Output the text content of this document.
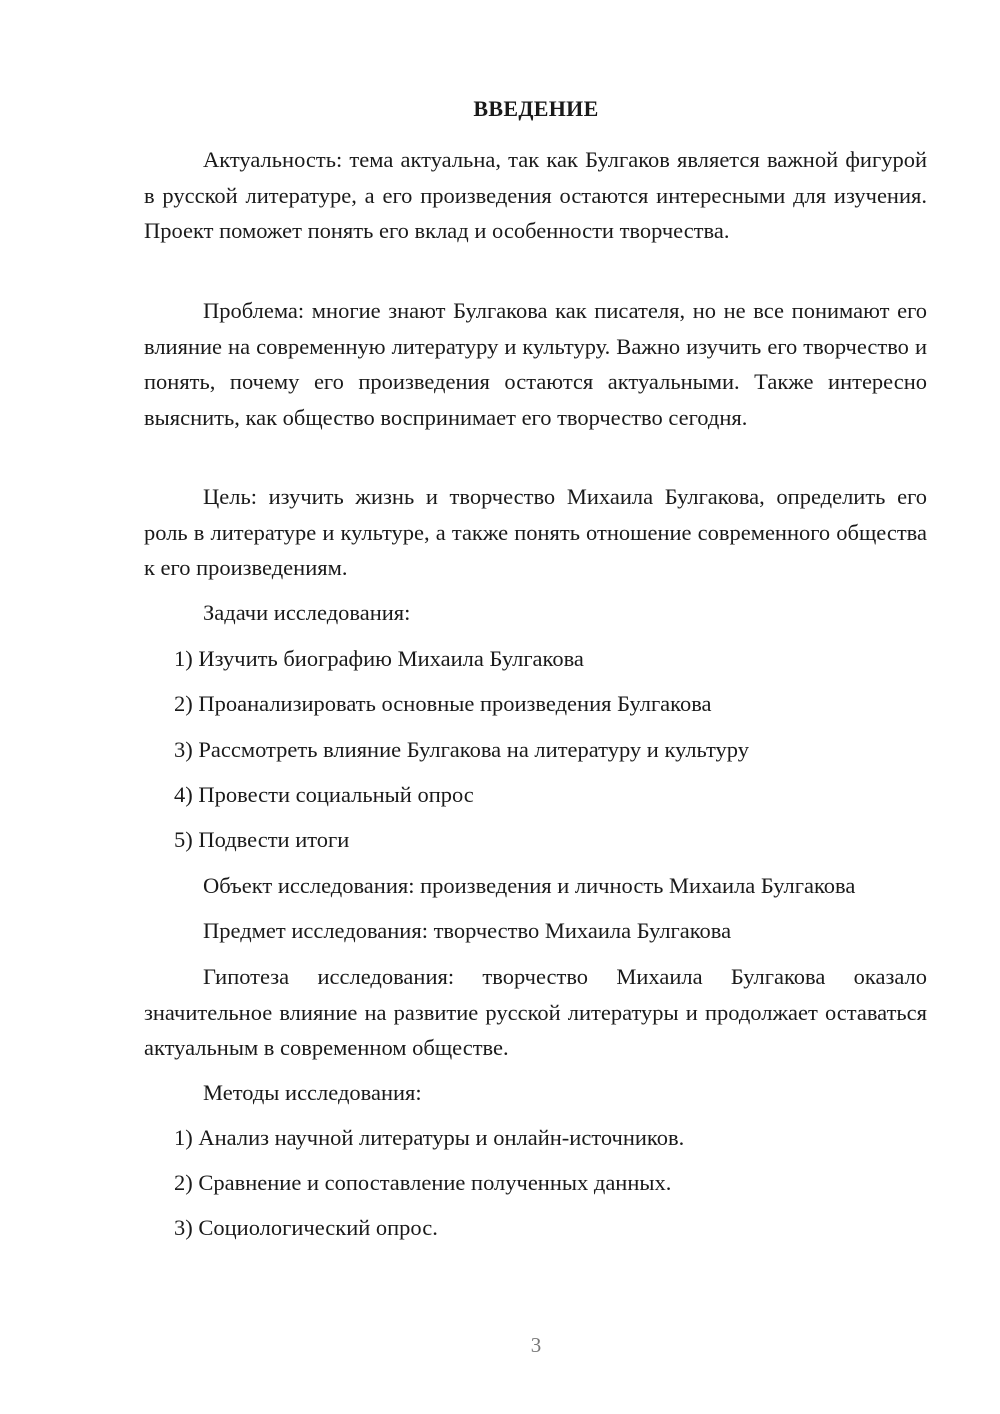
ВВЕДЕНИЕ

Актуальность: тема актуальна, так как Булгаков является важной фигурой в русской литературе, а его произведения остаются интересными для изучения. Проект поможет понять его вклад и особенности творчества.

Проблема: многие знают Булгакова как писателя, но не все понимают его влияние на современную литературу и культуру. Важно изучить его творчество и понять, почему его произведения остаются актуальными. Также интересно выяснить, как общество воспринимает его творчество сегодня.

Цель: изучить жизнь и творчество Михаила Булгакова, определить его роль в литературе и культуре, а также понять отношение современного общества к его произведениям.

Задачи исследования:
1) Изучить биографию Михаила Булгакова
2) Проанализировать основные произведения Булгакова
3) Рассмотреть влияние Булгакова на литературу и культуру
4) Провести социальный опрос
5) Подвести итоги
Объект исследования: произведения и личность Михаила Булгакова
Предмет исследования: творчество Михаила Булгакова

Гипотеза исследования: творчество Михаила Булгакова оказало значительное влияние на развитие русской литературы и продолжает оставаться актуальным в современном обществе.

Методы исследования:
1) Анализ научной литературы и онлайн-источников.
2) Сравнение и сопоставление полученных данных.
3) Социологический опрос.
3
